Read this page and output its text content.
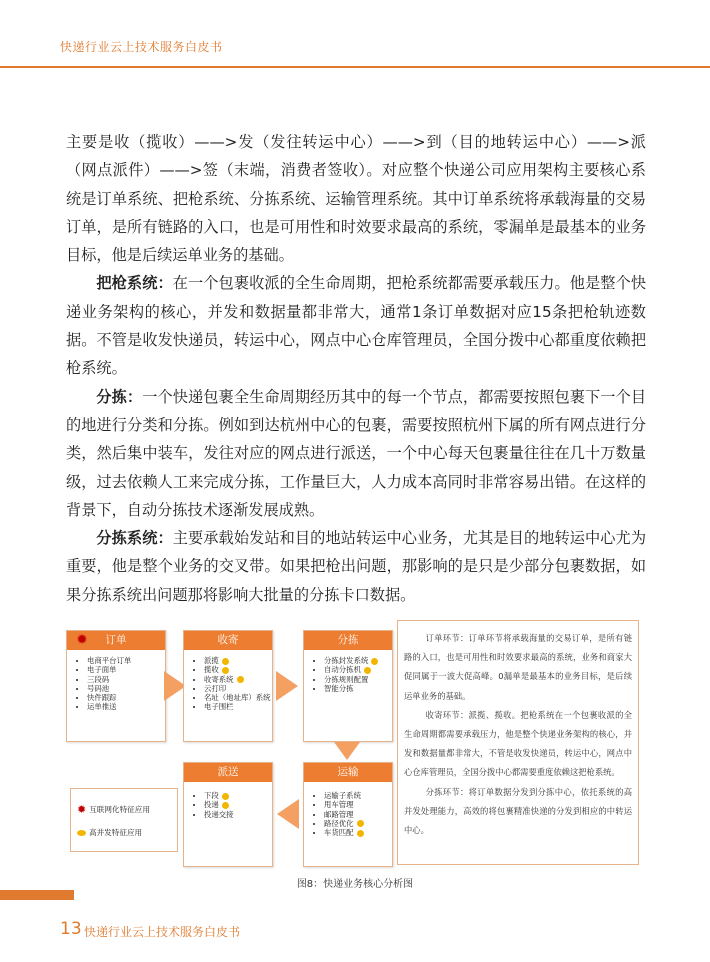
快递行业云上技术服务白皮书

主要是收（揽收）——>发（发往转运中心）——>到（目的地转运中心）——>派（网点派件）——>签（末端，消费者签收）。对应整个快递公司应用架构主要核心系统是订单系统、把枪系统、分拣系统、运输管理系统。其中订单系统将承载海量的交易订单，是所有链路的入口，也是可用性和时效要求最高的系统，零漏单是最基本的业务目标，他是后续运单业务的基础。

把枪系统：在一个包裹收派的全生命周期，把枪系统都需要承载压力。他是整个快递业务架构的核心，并发和数据量都非常大，通常1条订单数据对应15条把枪轨迹数据。不管是收发快递员，转运中心，网点中心仓库管理员，全国分拨中心都重度依赖把枪系统。

分拣：一个快递包裹全生命周期经历其中的每一个节点，都需要按照包裹下一个目的地进行分类和分拣。例如到达杭州中心的包裹，需要按照杭州下属的所有网点进行分类，然后集中装车，发往对应的网点进行派送，一个中心每天包裹量往往在几十万数量级，过去依赖人工来完成分拣，工作量巨大，人力成本高同时非常容易出错。在这样的背景下，自动分拣技术逐渐发展成熟。

分拣系统：主要承载始发站和目的地站转运中心业务，尤其是目的地转运中心尤为重要，他是整个业务的交叉带。如果把枪出问题，那影响的是只是少部分包裹数据，如果分拣系统出问题那将影响大批量的分拣卡口数据。

✹ 订单
• 电商平台订单
• 电子面单
• 三段码
• 号码池
• 快件跟踪
• 运单推送
收寄
• 派揽
• 揽收
• 收寄系统
• 云打印
• 名址（地址库）系统
• 电子围栏
分拣
• 分拣封发系统
• 自动分拣机
• 分拣规则配置
• 智能分拣
派送
• 下段
• 投递
• 投递交接
运输
• 运输子系统
• 甩车管理
• 邮路管理
• 路径优化
• 车货匹配
✹ 互联网化特征应用
高并发特征应用

订单环节：订单环节将承载海量的交易订单，是所有链路的入口，也是可用性和时效要求最高的系统，业务和商家大促同属于一波大促高峰。0漏单是最基本的业务目标，是后续运单业务的基础。

收寄环节：派揽、揽收。把枪系统在一个包裹收派的全生命周期都需要承载压力，他是整个快递业务架构的核心，并发和数据量都非常大，不管是收发快递员，转运中心，网点中心仓库管理员，全国分拨中心都需要重度依赖这把枪系统。

分拣环节：将订单数据分发到分拣中心，依托系统的高并发处理能力，高效的将包裹精准快递的分发到相应的中转运中心。

图8：快递业务核心分析图
13 快递行业云上技术服务白皮书
